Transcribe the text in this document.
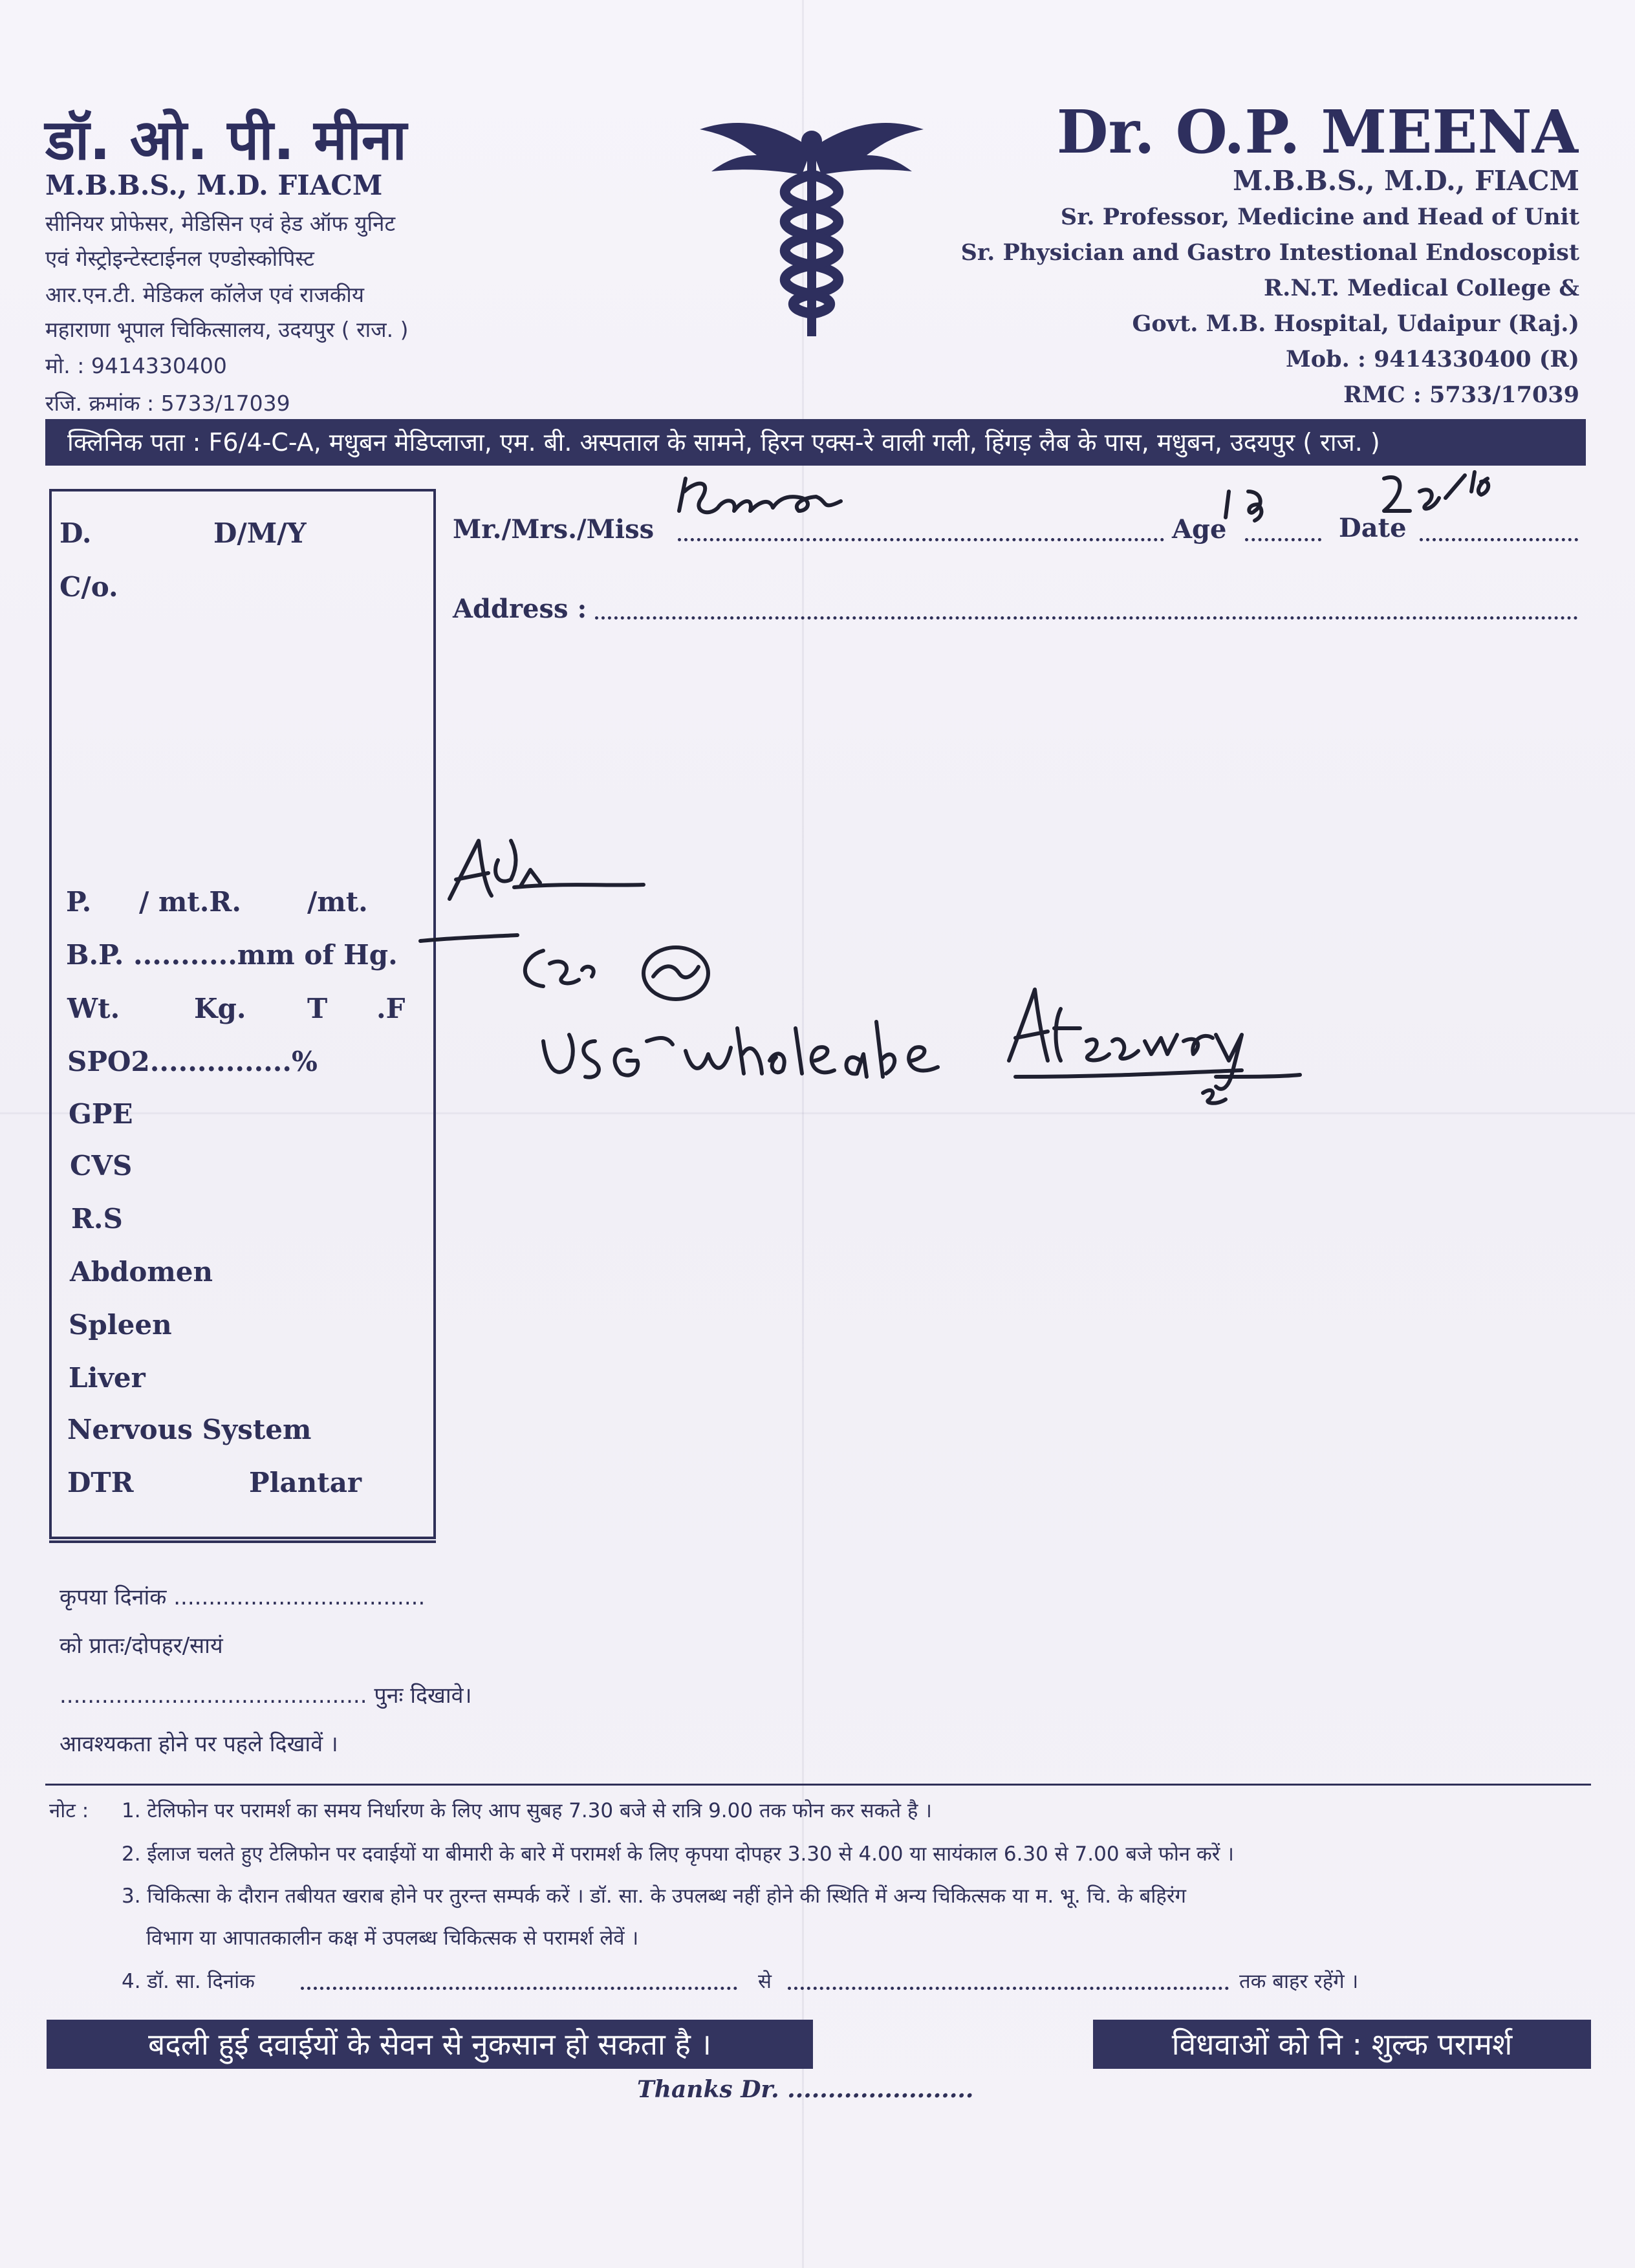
डॉ. ओ. पी. मीना
M.B.B.S., M.D. FIACM
सीनियर प्रोफेसर, मेडिसिन एवं हेड ऑफ युनिट
एवं गेस्ट्रोइन्टेस्टाईनल एण्डोस्कोपिस्ट
आर.एन.टी. मेडिकल कॉलेज एवं राजकीय
महाराणा भूपाल चिकित्सालय, उदयपुर ( राज. )
मो. : 9414330400
रजि. क्रमांक : 5733/17039
Dr. O.P. MEENA
M.B.B.S., M.D., FIACM
Sr. Professor, Medicine and Head of Unit
Sr. Physician and Gastro Intestional Endoscopist
R.N.T. Medical College &
Govt. M.B. Hospital, Udaipur (Raj.)
Mob. : 9414330400 (R)
RMC : 5733/17039
क्लिनिक पता : F6/4-C-A, मधुबन मेडिप्लाजा, एम. बी. अस्पताल के सामने, हिरन एक्स-रे वाली गली, हिंगड़ लैब के पास, मधुबन, उदयपुर ( राज. )
D.	D/M/Y
C/o.
P. / mt.R. /mt.
B.P. ...........mm of Hg.
Wt.	Kg. T .F
SPO2...............%
GPE
CVS
R.S
Abdomen
Spleen
Liver
Nervous System
DTR	Plantar
कृपया दिनांक ....................................
को प्रातः/दोपहर/सायं
............................................ पुनः दिखावे।
आवश्यकता होने पर पहले दिखावें ।
Mr./Mrs./Miss	Age	Date
Address :
नोट : 1. टेलिफोन पर परामर्श का समय निर्धारण के लिए आप सुबह 7.30 बजे से रात्रि 9.00 तक फोन कर सकते है ।
2. ईलाज चलते हुए टेलिफोन पर दवाईयों या बीमारी के बारे में परामर्श के लिए कृपया दोपहर 3.30 से 4.00 या सायंकाल 6.30 से 7.00 बजे फोन करें ।
3. चिकित्सा के दौरान तबीयत खराब होने पर तुरन्त सम्पर्क करें । डॉ. सा. के उपलब्ध नहीं होने की स्थिति में अन्य चिकित्सक या म. भू. चि. के बहिरंग
विभाग या आपातकालीन कक्ष में उपलब्ध चिकित्सक से परामर्श लेवें ।
4. डॉ. सा. दिनांक	से	तक बाहर रहेंगे ।
बदली हुई दवाईयों के सेवन से नुकसान हो सकता है ।	विधवाओं को नि : शुल्क परामर्श
Thanks Dr. .......................
